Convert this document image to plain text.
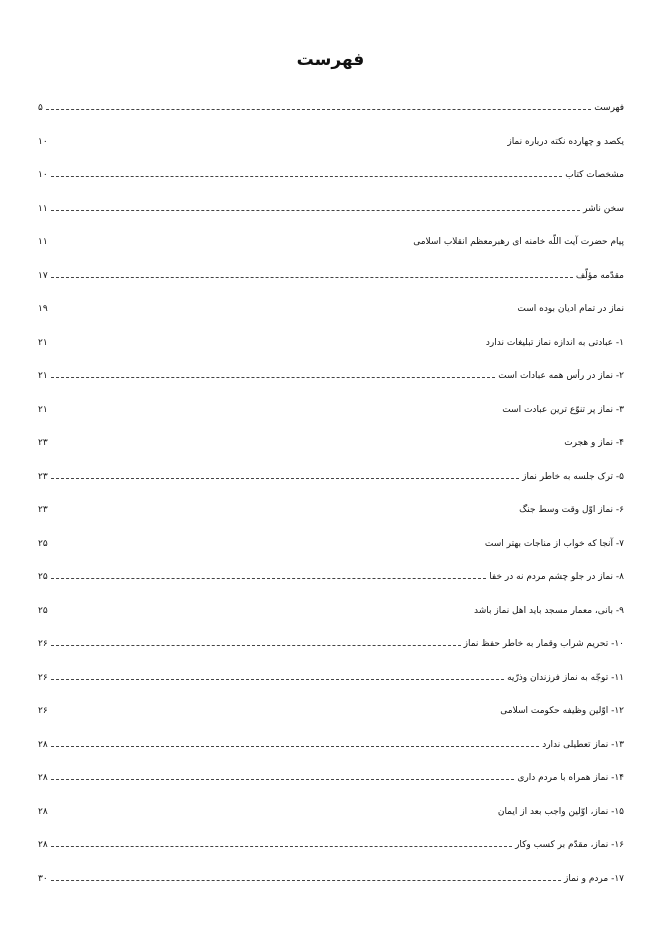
فهرست
فهرست
۵
یکصد و چهارده نکته درباره نماز
۱۰
مشخصات کتاب
۱۰
سخن ناشر
۱۱
پیام حضرت آیت اللّه خامنه ای رهبرمعظم انقلاب اسلامی
۱۱
مقدّمه مؤلّف
۱۷
نماز در تمام ادیان بوده است
۱۹
۱- عبادتی به اندازه نماز تبلیغات ندارد
۲۱
۲- نماز در رأس همه عبادات است
۲۱
۳- نماز پر تنوّع ترین عبادت است
۲۱
۴- نماز و هجرت
۲۳
۵- ترک جلسه به خاطر نماز
۲۳
۶- نماز اوّل وقت وسط جنگ
۲۳
۷- آنجا که خواب از مناجات بهتر است
۲۵
۸- نماز در جلو چشم مردم نه در خفا
۲۵
۹- بانی، معمار مسجد باید اهل نماز باشد
۲۵
۱۰- تحریم شراب وقمار به خاطر حفظ نماز
۲۶
۱۱- توجّه به نماز فرزندان وذرّیه
۲۶
۱۲- اوّلین وظیفه حکومت اسلامی
۲۶
۱۳- نماز تعطیلی ندارد
۲۸
۱۴- نماز همراه با مردم داری
۲۸
۱۵- نماز، اوّلین واجب بعد از ایمان
۲۸
۱۶- نماز، مقدّم بر کسب وکار
۲۸
۱۷- مردم و نماز
۳۰
